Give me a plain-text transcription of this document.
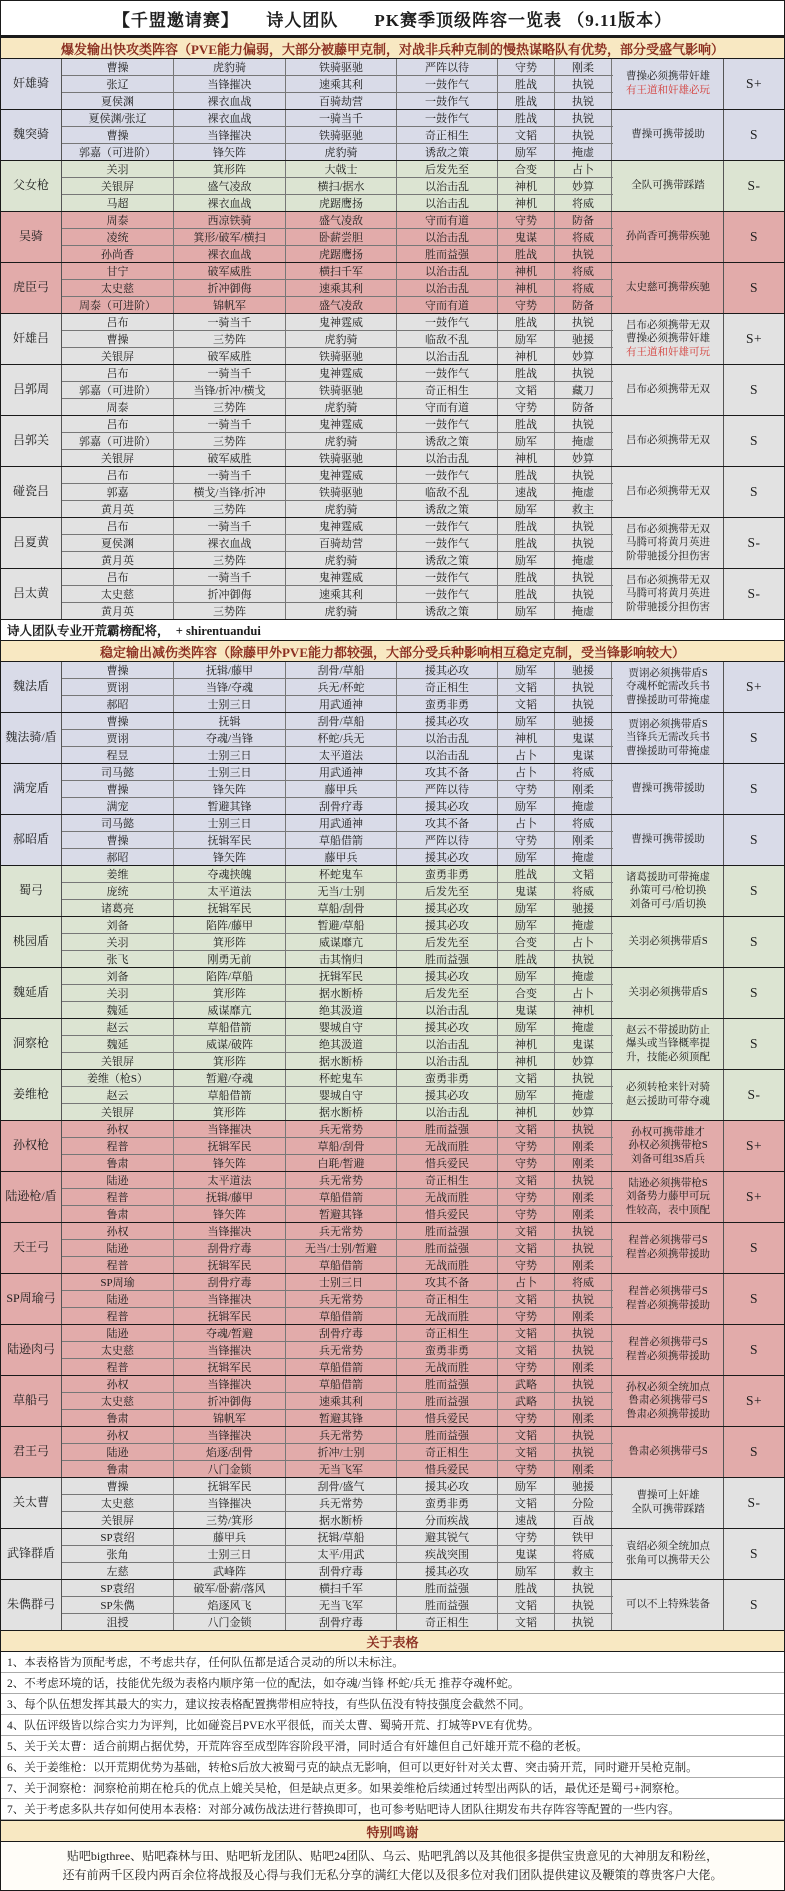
【千盟邀请赛】　　诗人团队　　PK赛季顶级阵容一览表 （9.11版本）
爆发输出快攻类阵容（PVE能力偏弱，大部分被藤甲克制，对战非兵种克制的慢热谋略队有优势，部分受盛气影响）
奸雄骑
曹操	虎豹骑	铁骑驱驰	严阵以待	守势	刚柔
张辽	当锋摧决	速乘其利	一鼓作气	胜战	执锐
夏侯渊	裸衣血战	百骑劫营	一鼓作气	胜战	执锐
曹操必须携带奸雄
有王道和奸雄必玩	S+
魏突骑
夏侯渊/张辽	裸衣血战	一骑当千	一鼓作气	胜战	执锐
曹操	当锋摧决	铁骑驱驰	奇正相生	文韬	执锐
郭嘉（可进阶）	锋矢阵	虎豹骑	诱敌之策	励军	掩虚
曹操可携带援助	S
父女枪
关羽	箕形阵	大戟士	后发先至	合变	占卜
关银屏	盛气凌敌	横扫/据水	以治击乱	神机	妙算
马超	裸衣血战	虎踞鹰扬	以治击乱	神机	将威
全队可携带踩踏	S-
吴骑
周泰	西凉铁骑	盛气凌敌	守而有道	守势	防备
凌统	箕形/破军/横扫	卧薪尝胆	以治击乱	鬼谋	将威
孙尚香	裸衣血战	虎踞鹰扬	胜而益强	胜战	执锐
孙尚香可携带疾驰	S
虎臣弓
甘宁	破军威胜	横扫千军	以治击乱	神机	将威
太史慈	折冲御侮	速乘其利	以治击乱	神机	将威
周泰（可进阶）	锦帆军	盛气凌敌	守而有道	守势	防备
太史慈可携带疾驰	S
奸雄吕
吕布	一骑当千	鬼神霆威	一鼓作气	胜战	执锐
曹操	三势阵	虎豹骑	临敌不乱	励军	驰援
关银屏	破军威胜	铁骑驱驰	以治击乱	神机	妙算
吕布必须携带无双
曹操必须携带奸雄
有王道和奸雄可玩
S+
吕郭周
吕布	一骑当千	鬼神霆威	一鼓作气	胜战	执锐
郭嘉（可进阶）	当锋/折冲/横戈	铁骑驱驰	奇正相生	文韬	藏刀
周泰	三势阵	虎豹骑	守而有道	守势	防备
吕布必须携带无双	S
吕郭关
吕布	一骑当千	鬼神霆威	一鼓作气	胜战	执锐
郭嘉（可进阶）	三势阵	虎豹骑	诱敌之策	励军	掩虚
关银屏	破军威胜	铁骑驱驰	以治击乱	神机	妙算
吕布必须携带无双	S
碰瓷吕
吕布	一骑当千	鬼神霆威	一鼓作气	胜战	执锐
郭嘉	横戈/当锋/折冲	铁骑驱驰	临敌不乱	速战	掩虚
黄月英	三势阵	虎豹骑	诱敌之策	励军	救主
吕布必须携带无双	S
吕夏黄
吕布	一骑当千	鬼神霆威	一鼓作气	胜战	执锐
夏侯渊	裸衣血战	百骑劫营	一鼓作气	胜战	执锐
黄月英	三势阵	虎豹骑	诱敌之策	励军	掩虚
吕布必须携带无双
马腾可将黄月英进
阶带驰援分担伤害
S-
吕太黄
吕布	一骑当千	鬼神霆威	一鼓作气	胜战	执锐
太史慈	折冲御侮	速乘其利	一鼓作气	胜战	执锐
黄月英	三势阵	虎豹骑	诱敌之策	励军	掩虚
吕布必须携带无双
马腾可将黄月英进
阶带驰援分担伤害
S-
诗人团队专业开荒霸榜配将，　+ shirentuandui
稳定输出减伤类阵容（除藤甲外PVE能力都较强，大部分受兵种影响相互稳定克制，受当锋影响较大）
魏法盾
曹操	抚辑/藤甲	刮骨/草船	援其必攻	励军	驰援
贾诩	当锋/夺魂	兵无/杯蛇	奇正相生	文韬	执锐
郝昭	士别三日	用武通神	蛮勇非勇	文韬	执锐
贾诩必须携带盾S
夺魂杯蛇需改兵书
曹操援助可带掩虚
S+
魏法骑/盾
曹操	抚辑	刮骨/草船	援其必攻	励军	驰援
贾诩	夺魂/当锋	杯蛇/兵无	以治击乱	神机	鬼谋
程昱	士别三日	太平道法	以治击乱	占卜	鬼谋
贾诩必须携带盾S
当锋兵无需改兵书
曹操援助可带掩虚
S
满宠盾
司马懿	士别三日	用武通神	攻其不备	占卜	将威
曹操	锋矢阵	藤甲兵	严阵以待	守势	刚柔
满宠	暂避其锋	刮骨疗毒	援其必攻	励军	掩虚
曹操可携带援助	S
郝昭盾
司马懿	士别三日	用武通神	攻其不备	占卜	将威
曹操	抚辑军民	草船借箭	严阵以待	守势	刚柔
郝昭	锋矢阵	藤甲兵	援其必攻	励军	掩虚
曹操可携带援助	S
蜀弓
姜维	夺魂挟魄	杯蛇鬼车	蛮勇非勇	胜战	文韬
庞统	太平道法	无当/士别	后发先至	鬼谋	将威
诸葛亮	抚辑军民	草船/刮骨	援其必攻	励军	驰援
诸葛援助可带掩虚
孙策可弓/枪切换
刘备可弓/盾切换
S
桃园盾
刘备	陷阵/藤甲	暂避/草船	援其必攻	励军	掩虚
关羽	箕形阵	威谋靡亢	后发先至	合变	占卜
张飞	刚勇无前	击其惰归	胜而益强	胜战	执锐
关羽必须携带盾S	S
魏延盾
刘备	陷阵/草船	抚辑军民	援其必攻	励军	掩虚
关羽	箕形阵	据水断桥	后发先至	合变	占卜
魏延	威谋靡亢	绝其汲道	以治击乱	鬼谋	神机
关羽必须携带盾S	S
洞察枪
赵云	草船借箭	婴城自守	援其必攻	励军	掩虚
魏延	威谋/破阵	绝其汲道	以治击乱	神机	鬼谋
关银屏	箕形阵	据水断桥	以治击乱	神机	妙算
赵云不带援助防止
爆头或当锋概率提
升，技能必须顶配
S
姜维枪
姜维（枪S）	暂避/夺魂	杯蛇鬼车	蛮勇非勇	文韬	执锐
赵云	草船借箭	婴城自守	援其必攻	励军	掩虚
关银屏	箕形阵	据水断桥	以治击乱	神机	妙算
必须转枪来针对骑
赵云援助可带夺魂	S-
孙权枪
孙权	当锋摧决	兵无常势	胜而益强	文韬	执锐
程普	抚辑军民	草船/刮骨	无战而胜	守势	刚柔
鲁肃	锋矢阵	白毦/暂避	惜兵爱民	守势	刚柔
孙权可携带雄才
孙权必须携带枪S
刘备可组3S盾兵
S+
陆逊枪/盾
陆逊	太平道法	兵无常势	奇正相生	文韬	执锐
程普	抚辑/藤甲	草船借箭	无战而胜	守势	刚柔
鲁肃	锋矢阵	暂避其锋	惜兵爱民	守势	刚柔
陆逊必须携带枪S
刘备势力藤甲可玩
性较高，表中顶配
S+
天王弓
孙权	当锋摧决	兵无常势	胜而益强	文韬	执锐
陆逊	刮骨疗毒	无当/士别/暂避	胜而益强	文韬	执锐
程普	抚辑军民	草船借箭	无战而胜	守势	刚柔
程普必须携带弓S
程普必须携带援助	S
SP周瑜弓
SP周瑜	刮骨疗毒	士别三日	攻其不备	占卜	将威
陆逊	当锋摧决	兵无常势	奇正相生	文韬	执锐
程普	抚辑军民	草船借箭	无战而胜	守势	刚柔
程普必须携带弓S
程普必须携带援助	S
陆逊肉弓
陆逊	夺魂/暂避	刮骨疗毒	奇正相生	文韬	执锐
太史慈	当锋摧决	兵无常势	蛮勇非勇	文韬	执锐
程普	抚辑军民	草船借箭	无战而胜	守势	刚柔
程普必须携带弓S
程普必须携带援助	S
草船弓
孙权	当锋摧决	草船借箭	胜而益强	武略	执锐
太史慈	折冲御侮	速乘其利	胜而益强	武略	执锐
鲁肃	锦帆军	暂避其锋	惜兵爱民	守势	刚柔
孙权必须全统加点
鲁肃必须携带弓S
鲁肃必须携带援助
S+
君王弓
孙权	当锋摧决	兵无常势	胜而益强	文韬	执锐
陆逊	焰逐/刮骨	折冲/士别	奇正相生	文韬	执锐
鲁肃	八门金锁	无当飞军	惜兵爱民	守势	刚柔
鲁肃必须携带弓S	S
关太曹
曹操	抚辑军民	刮骨/盛气	援其必攻	励军	驰援
太史慈	当锋摧决	兵无常势	蛮勇非勇	文韬	分险
关银屏	三势/箕形	据水断桥	分而疾战	速战	百战
曹操可上奸雄
全队可携带踩踏	S-
武锋群盾
SP袁绍	藤甲兵	抚辑/草船	避其锐气	守势	铁甲
张角	士别三日	太平/用武	疾战突围	鬼谋	将威
左慈	武峰阵	刮骨疗毒	援其必攻	励军	救主
袁绍必须全统加点
张角可以携带天公	S
朱儁群弓
SP袁绍	破军/卧薪/落风	横扫千军	胜而益强	胜战	执锐
SP朱儁	焰逐风飞	无当飞军	胜而益强	文韬	执锐
沮授	八门金锁	刮骨疗毒	奇正相生	文韬	执锐
可以不上特殊装备	S
关于表格
1、本表格皆为顶配考虑，不考虑共存，任何队伍都是适合灵动的所以未标注。
2、不考虑环境的话，技能优先级为表格内顺序第一位的配法，如夺魂/当锋 杯蛇/兵无 推荐夺魂杯蛇。
3、每个队伍想发挥其最大的实力，建议按表格配置携带相应特技，有些队伍没有特技强度会截然不同。
4、队伍评级皆以综合实力为评判，比如碰瓷吕PVE水平很低，而关太曹、蜀骑开荒、打城等PVE有优势。
5、关于关太曹：适合前期占据优势，开荒阵容至成型阵容阶段平滑，同时适合有奸雄但自己奸雄开荒不稳的老板。
6、关于姜维枪：以开荒期优势为基础，转枪S后放大被蜀弓克的缺点无影响，但可以更好针对关太曹、突击骑开荒，同时避开吴枪克制。
7、关于洞察枪：洞察枪前期在枪兵的优点上媲关吴枪，但是缺点更多。如果姜维枪后续通过转型出两队的话，最优还是蜀弓+洞察枪。
7、关于考虑多队共存如何使用本表格：对部分减伤战法进行替换即可，也可参考贴吧诗人团队往期发布共存阵容等配置的一些内容。
特别鸣谢
贴吧bigthree、贴吧森林与田、贴吧斩龙团队、贴吧24团队、乌云、贴吧乳鸽以及其他很多提供宝贵意见的大神朋友和粉丝，
还有前两千区段内两百余位将战报及心得与我们无私分享的满红大佬以及很多位对我们团队提供建议及鞭策的尊贵客户大佬。
